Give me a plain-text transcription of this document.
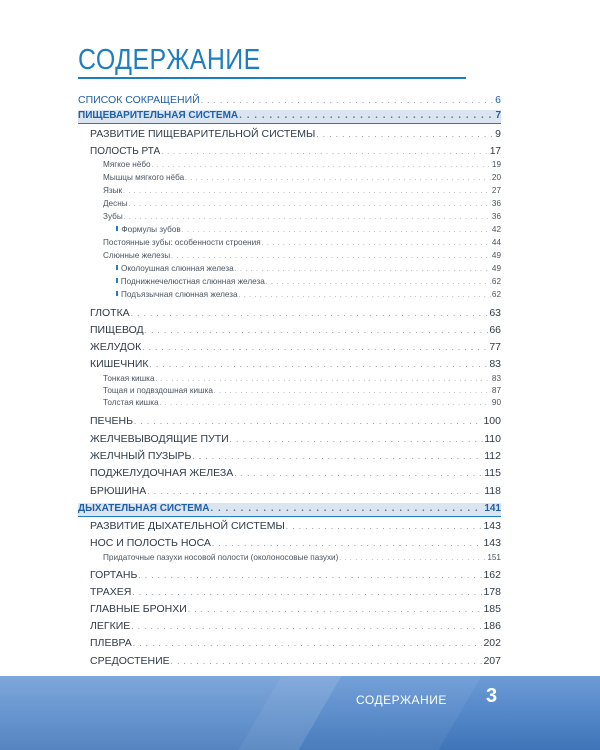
СОДЕРЖАНИЕ
СПИСОК СОКРАЩЕНИЙ . . .	6
ПИЩЕВАРИТЕЛЬНАЯ СИСТЕМА . . .	7
РАЗВИТИЕ ПИЩЕВАРИТЕЛЬНОЙ СИСТЕМЫ . . .	9
ПОЛОСТЬ РТА . . .	17
Мягкое нёбо . . .	19
Мышцы мягкого нёба . . .	20
Язык . . .	27
Десны . . .	36
Зубы . . .	36
Формулы зубов . . .	42
Постоянные зубы: особенности строения . . .	44
Слюнные железы . . .	49
Околоушная слюнная железа . . .	49
Поднижнечелюстная слюнная железа . . .	62
Подъязычная слюнная железа . . .	62
ГЛОТКА . . .	63
ПИЩЕВОД . . .	66
ЖЕЛУДОК . . .	77
КИШЕЧНИК . . .	83
Тонкая кишка . . .	83
Тощая и подвздошная кишка . . .	87
Толстая кишка . . .	90
ПЕЧЕНЬ . . .	100
ЖЕЛЧЕВЫВОДЯЩИЕ ПУТИ . . .	110
ЖЕЛЧНЫЙ ПУЗЫРЬ . . .	112
ПОДЖЕЛУДОЧНАЯ ЖЕЛЕЗА . . .	115
БРЮШИНА . . .	118
ДЫХАТЕЛЬНАЯ СИСТЕМА . . .	141
РАЗВИТИЕ ДЫХАТЕЛЬНОЙ СИСТЕМЫ . . .	143
НОС И ПОЛОСТЬ НОСА . . .	143
Придаточные пазухи носовой полости (околоносовые пазухи) . . .	151
ГОРТАНЬ . . .	162
ТРАХЕЯ . . .	178
ГЛАВНЫЕ БРОНХИ . . .	185
ЛЕГКИЕ . . .	186
ПЛЕВРА . . .	202
СРЕДОСТЕНИЕ . . .	207
СОДЕРЖАНИЕ 3
